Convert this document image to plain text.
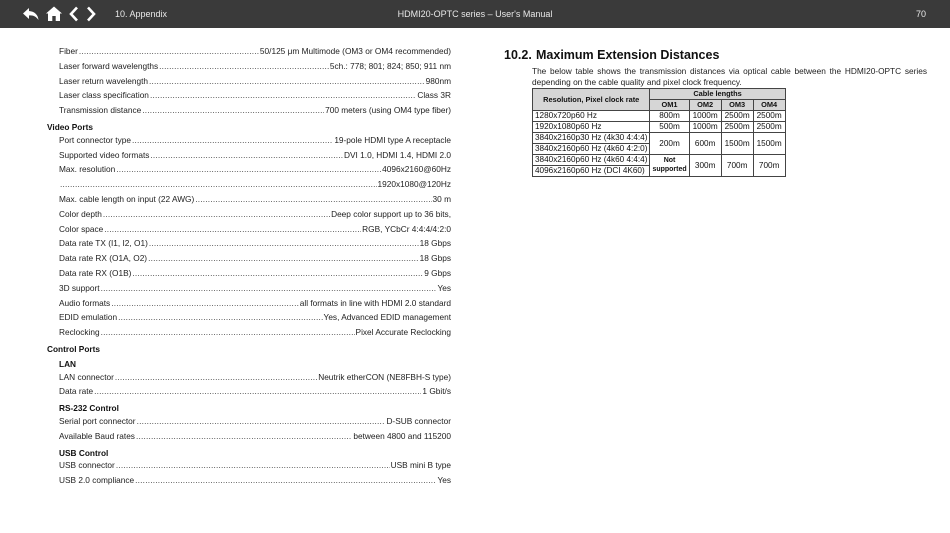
10. Appendix	HDMI20-OPTC series – User's Manual	70
Fiber .....	50/125 μm Multimode (OM3 or OM4 recommended)
Laser forward wavelengths .....	5ch.: 778; 801; 824; 850; 911 nm
Laser return wavelength .....	980nm
Laser class specification .....	Class 3R
Transmission distance .....	700 meters (using OM4 type fiber)
Video Ports
Port connector type .....	19-pole HDMI type A receptacle
Supported video formats .....	DVI 1.0, HDMI 1.4, HDMI 2.0
Max. resolution .....	4096x2160@60Hz
.....
1920x1080@120Hz
Max. cable length on input (22 AWG) .....	30 m
Color depth .....	Deep color support up to 36 bits,
Color space .....	RGB, YCbCr 4:4:4/4:2:0
Data rate TX (I1, I2, O1) .....	18 Gbps
Data rate RX (O1A, O2) .....	18 Gbps
Data rate RX (O1B) .....	9 Gbps
3D support .....	Yes
Audio formats .....	all formats in line with HDMI 2.0 standard
EDID emulation .....	Yes, Advanced EDID management
Reclocking .....	Pixel Accurate Reclocking
Control Ports
LAN
LAN connector .....	Neutrik etherCON (NE8FBH-S type)
Data rate .....	1 Gbit/s
RS-232 Control
Serial port connector .....	D-SUB connector
Available Baud rates .....	between 4800 and 115200
USB Control
USB connector .....	USB mini B type
USB 2.0 compliance .....	Yes
10.2. Maximum Extension Distances
The below table shows the transmission distances via optical cable between the HDMI20-OPTC series depending on the cable quality and pixel clock frequency.
Resolution, Pixel clock rate	Cable lengths			
	OM1	OM2	OM3	OM4
1280x720p60 Hz	800m	1000m	2500m	2500m
1920x1080p60 Hz	500m	1000m	2500m	2500m
3840x2160p30 Hz (4k30 4:4:4)	200m	600m	1500m	1500m
3840x2160p60 Hz (4k60 4:2:0)				
3840x2160p60 Hz (4k60 4:4:4)	Not supported	300m	700m	700m
4096x2160p60 Hz (DCI 4K60)				
